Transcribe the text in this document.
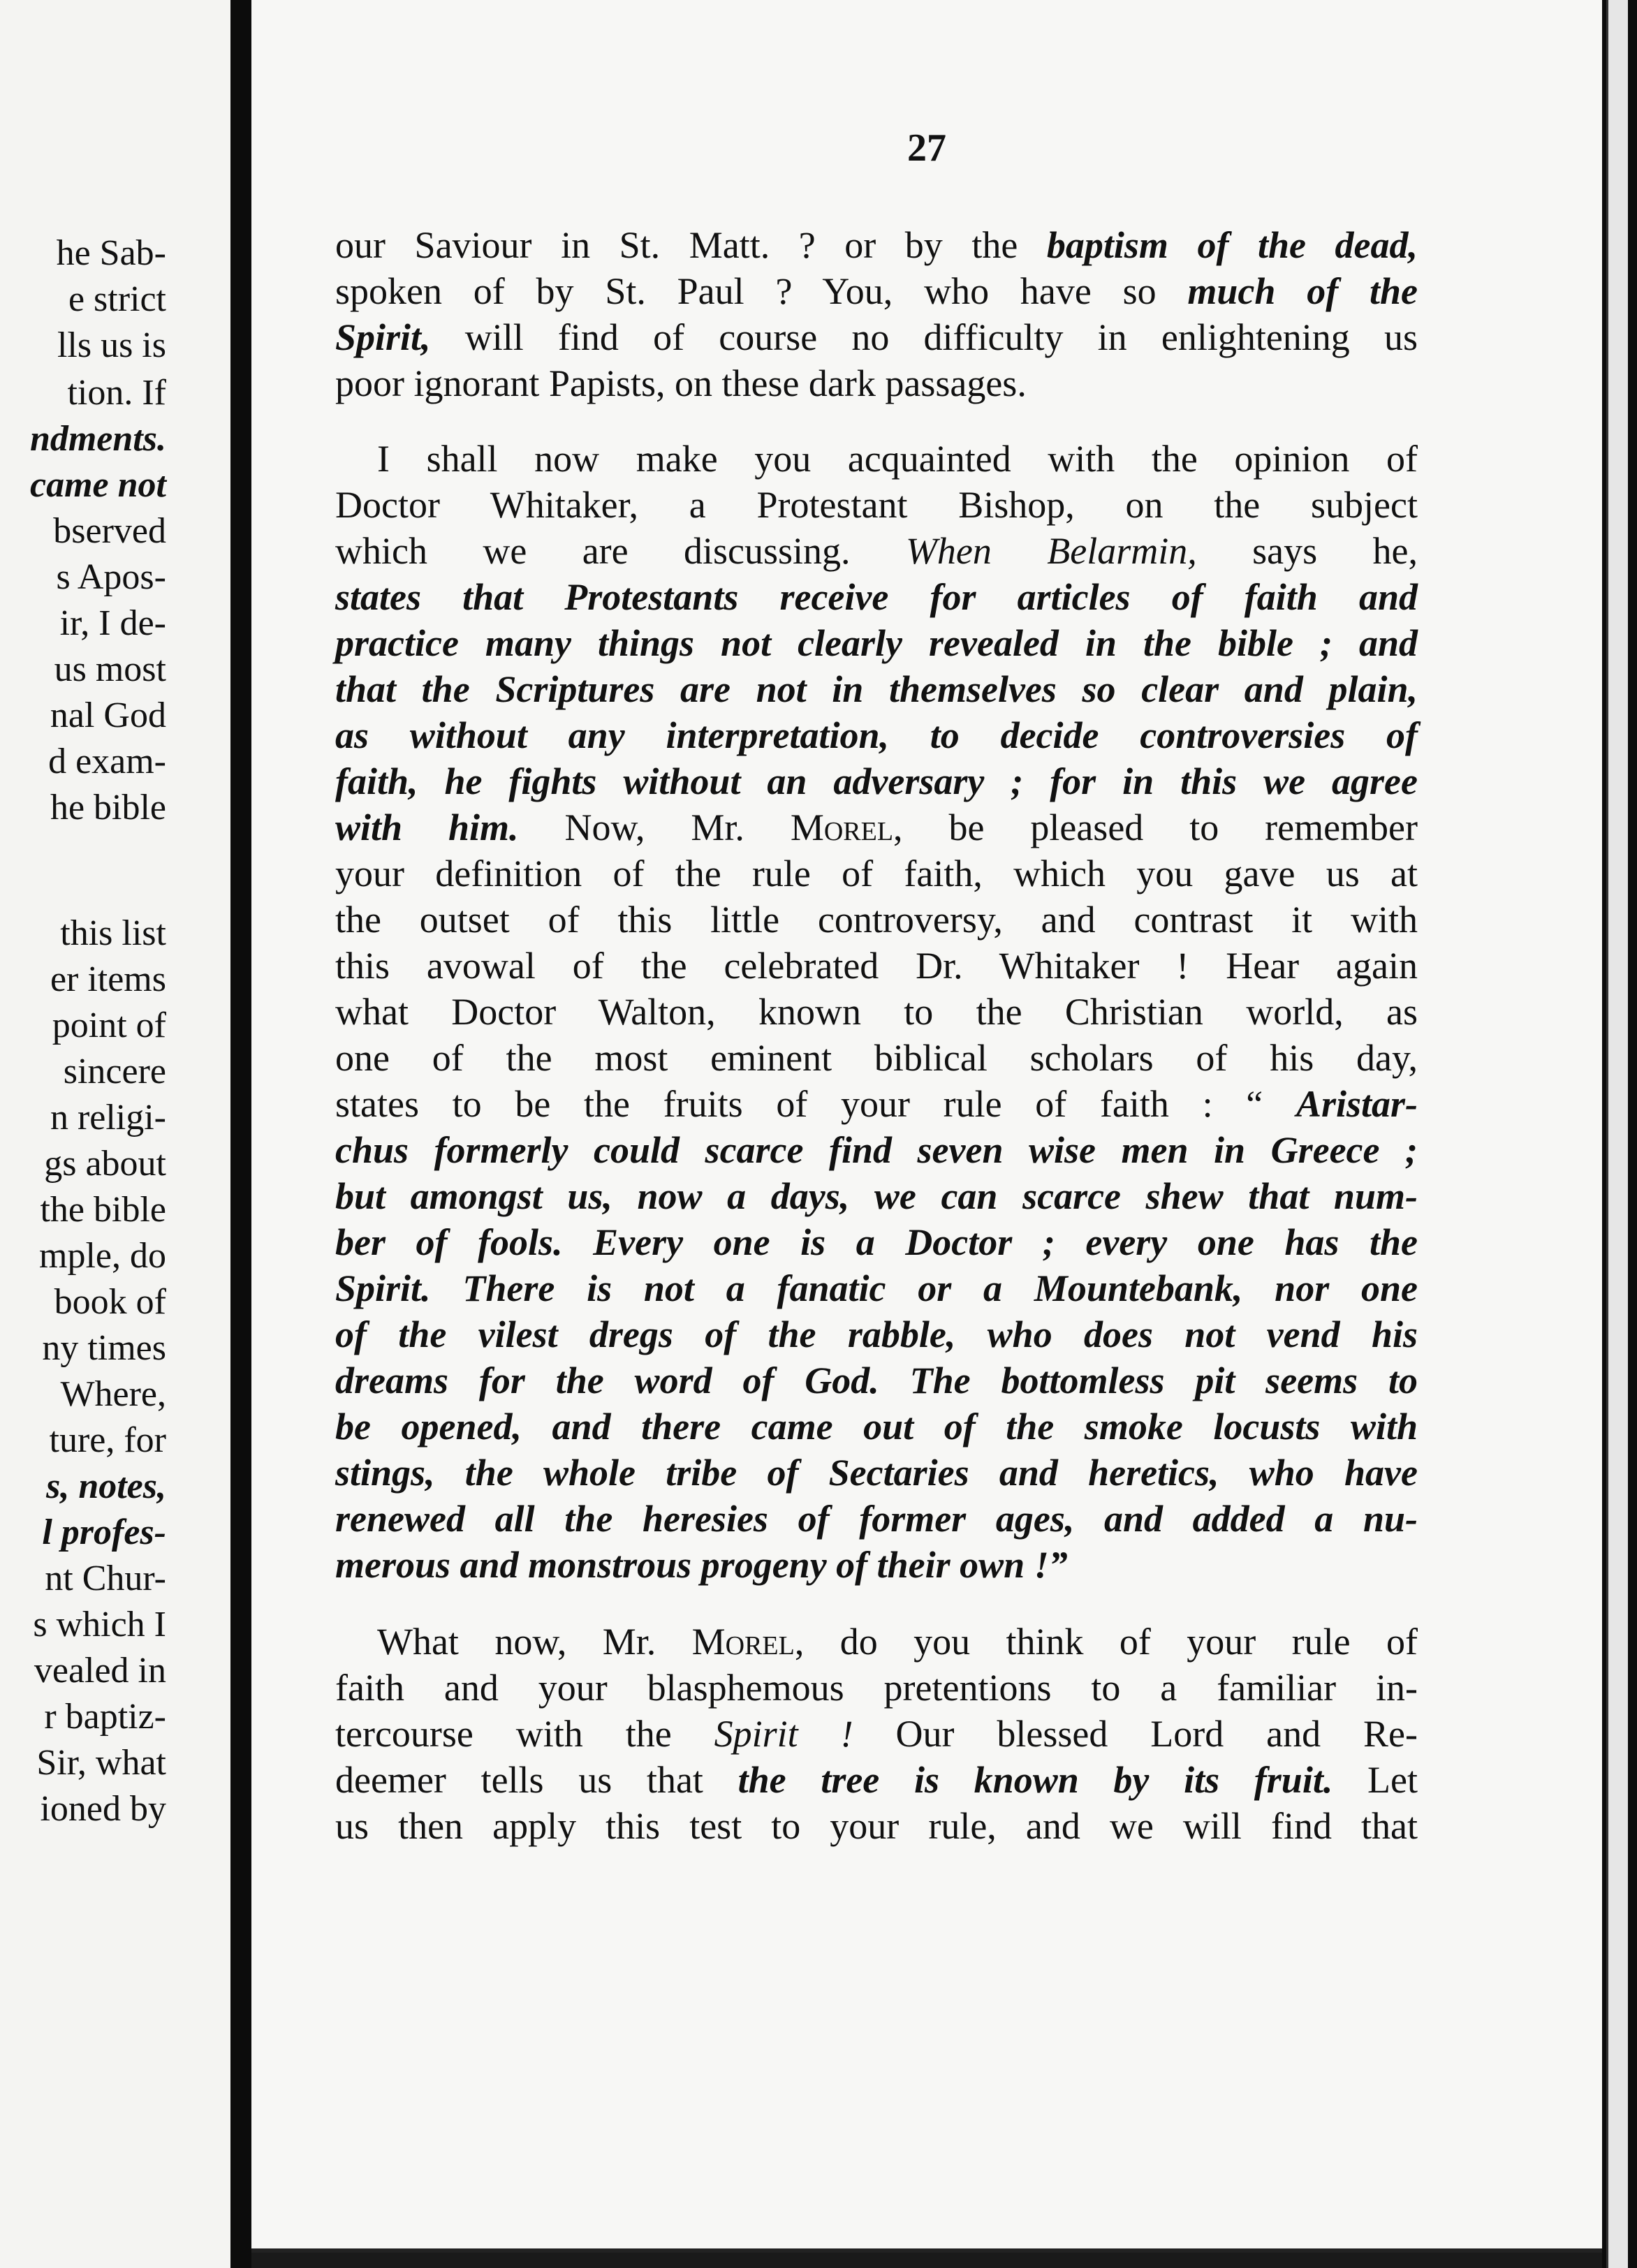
he Sab-
e strict
lls us is
tion. If
ndments.
came not
bserved
s Apos-
ir, I de-
us most
nal God
d exam-
he bible
this list
er items
point of
sincere
n religi-
gs about
the bible
mple, do
book of
ny times
Where,
ture, for
s, notes,
l profes-
nt Chur-
s which I
vealed in
r baptiz-
Sir, what
ioned by
27
our Saviour in St. Matt. ? or by the baptism of the dead,
spoken of by St. Paul ? You, who have so much of the
Spirit, will find of course no difficulty in enlightening us
poor ignorant Papists, on these dark passages.
I shall now make you acquainted with the opinion of
Doctor Whitaker, a Protestant Bishop, on the subject
which we are discussing. When Belarmin, says he,
states that Protestants receive for articles of faith and
practice many things not clearly revealed in the bible ; and
that the Scriptures are not in themselves so clear and plain,
as without any interpretation, to decide controversies of
faith, he fights without an adversary ; for in this we agree
with him. Now, Mr. Morel, be pleased to remember
your definition of the rule of faith, which you gave us at
the outset of this little controversy, and contrast it with
this avowal of the celebrated Dr. Whitaker ! Hear again
what Doctor Walton, known to the Christian world, as
one of the most eminent biblical scholars of his day,
states to be the fruits of your rule of faith : “ Aristar-
chus formerly could scarce find seven wise men in Greece ;
but amongst us, now a days, we can scarce shew that num-
ber of fools. Every one is a Doctor ; every one has the
Spirit. There is not a fanatic or a Mountebank, nor one
of the vilest dregs of the rabble, who does not vend his
dreams for the word of God. The bottomless pit seems to
be opened, and there came out of the smoke locusts with
stings, the whole tribe of Sectaries and heretics, who have
renewed all the heresies of former ages, and added a nu-
merous and monstrous progeny of their own !”
What now, Mr. Morel, do you think of your rule of
faith and your blasphemous pretentions to a familiar in-
tercourse with the Spirit ! Our blessed Lord and Re-
deemer tells us that the tree is known by its fruit. Let
us then apply this test to your rule, and we will find that
